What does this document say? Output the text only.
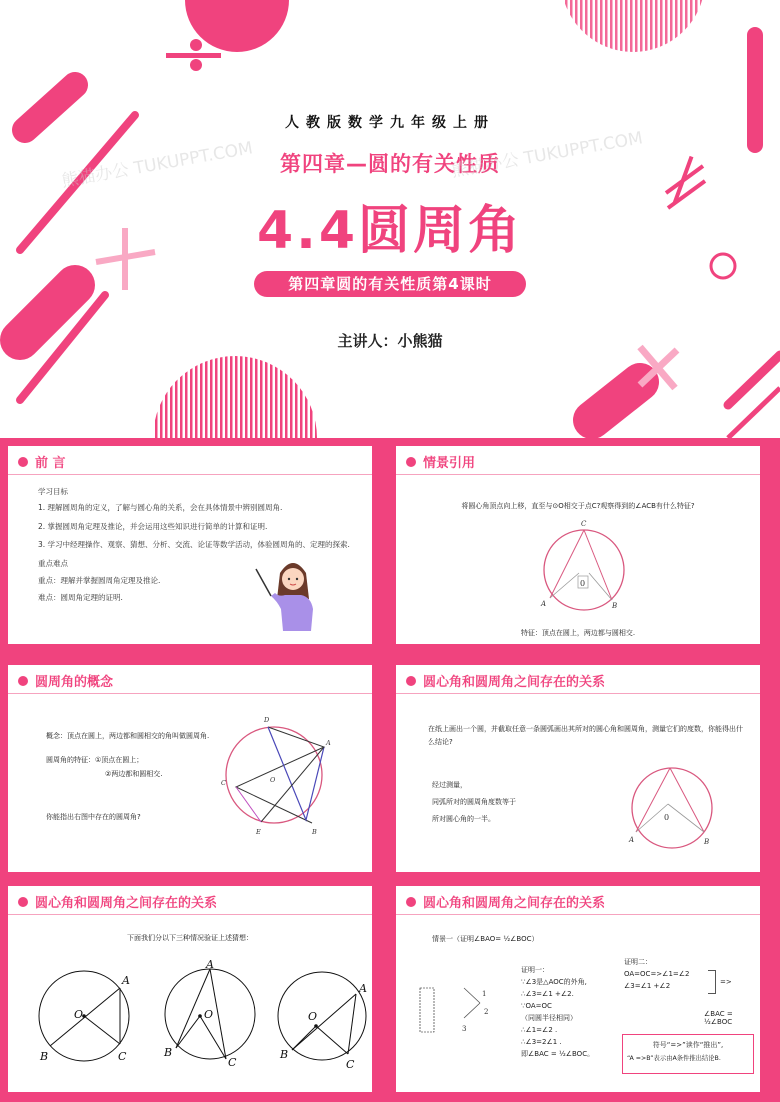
人教版数学九年级上册
第四章—圆的有关性质
4.4圆周角
第四章圆的有关性质第4课时
主讲人：小熊猫
熊猫办公 TUKUPPT.COM	熊猫办公 TUKUPPT.COM
前 言
学习目标
1. 理解圆周角的定义，了解与圆心角的关系，会在具体情景中辨别圆周角.
2. 掌握圆周角定理及推论，并会运用这些知识进行简单的计算和证明.
3. 学习中经理操作、观察、猜想、分析、交流、论证等数学活动，体验圆周角的、定理的探索.
重点难点
重点：理解并掌握圆周角定理及推论.
难点：圆周角定理的证明.
情景引用
将圆心角顶点向上移，直至与⊙O相交于点C?观察得到的∠ACB有什么特征?
0
C
A	B
特征：顶点在圆上，两边都与圆相交.
圆周角的概念
概念：顶点在圆上，两边都和圆相交的角叫做圆周角.
圆周角的特征：①顶点在圆上；
②两边都和圆相交.
你能指出右图中存在的圆周角?
D
A
C	O
E	B
圆心角和圆周角之间存在的关系
在纸上画出一个圆，并截取任意一条圆弧画出其所对的圆心角和圆周角，测量它们的度数，你能得出什么结论?
经过测量，
同弧所对的圆周角度数等于
所对圆心角的一半。	0
A	B
圆心角和圆周角之间存在的关系
下面我们分以下三种情况验证上述猜想：
A
O
B	C
A
O
B
C
A
O
B
C
圆心角和圆周角之间存在的关系
情景一（证明∠BAO= ½∠BOC）
1
2
3
证明一：
∵∠3是△AOC的外角,
∴∠3=∠1 +∠2.
∵OA=OC
（同圆半径相同）
∴∠1=∠2 .
∴∠3=2∠1 .
即∠BAC = ½∠BOC。
证明二：
OA=OC=>∠1=∠2
∠3=∠1 +∠2	=>
∠BAC = ½∠BOC
符号“=>”读作“推出”,
“A =>B”表示由A条件推出结论B.
